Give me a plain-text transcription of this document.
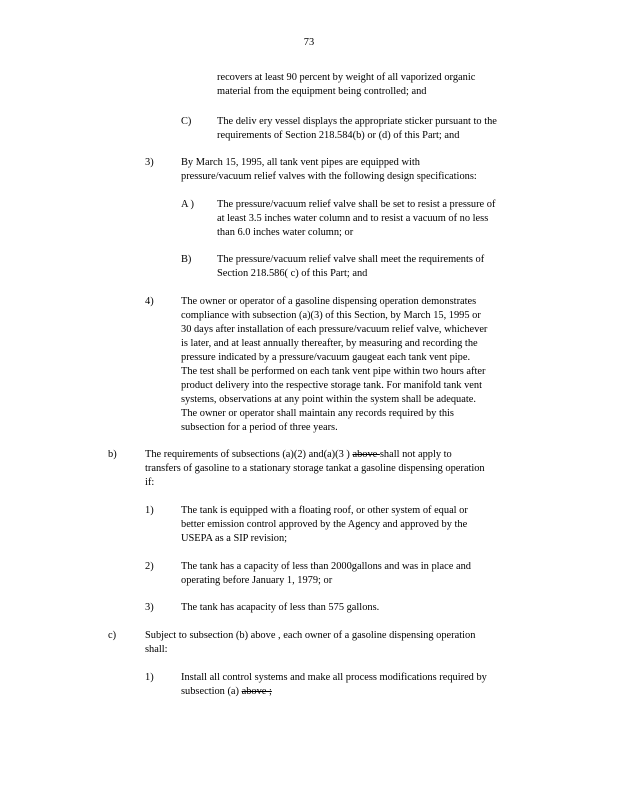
73
recovers at least 90 percent by weight of all vaporized organic
material from the equipment being controlled; and
C) The deliv ery vessel displays the appropriate sticker pursuant to the
requirements of Section 218.584(b) or (d) of this Part; and
3)	By March 15, 1995, all tank vent pipes are equipped with
pressure/vacuum relief valves with the following design specifications:
A ) The pressure/vacuum relief valve shall be set to resist a pressure of
at least 3.5 inches water column and to resist a vacuum of no less
than 6.0 inches water column; or
B) The pressure/vacuum relief valve shall meet the requirements of
Section 218.586( c) of this Part; and
4)	The owner or operator of a gasoline dispensing operation demonstrates
compliance with subsection (a)(3) of this Section, by March 15, 1995 or
30 days after installation of each pressure/vacuum relief valve, whichever
is later, and at least annually thereafter, by measuring and recording the
pressure indicated by a pressure/vacuum gaugeat each tank vent pipe.
The test shall be performed on each tank vent pipe within two hours after
product delivery into the respective storage tank. For manifold tank vent
systems, observations at any point within the system shall be adequate.
The owner or operator shall maintain any records required by this
subsection for a period of three years.
b)	The requirements of subsections (a)(2) and(a)(3 ) above shall not apply to
transfers of gasoline to a stationary storage tankat a gasoline dispensing operation
if:
1)	The tank is equipped with a floating roof, or other system of equal or
better emission control approved by the Agency and approved by the
USEPA as a SIP revision;
2)	The tank has a capacity of less than 2000gallons and was in place and
operating before January 1, 1979; or
3)	The tank has acapacity of less than 575 gallons.
c)	Subject to subsection (b) above , each owner of a gasoline dispensing operation
shall:
1)	Install all control systems and make all process modifications required by
subsection (a) above ;
